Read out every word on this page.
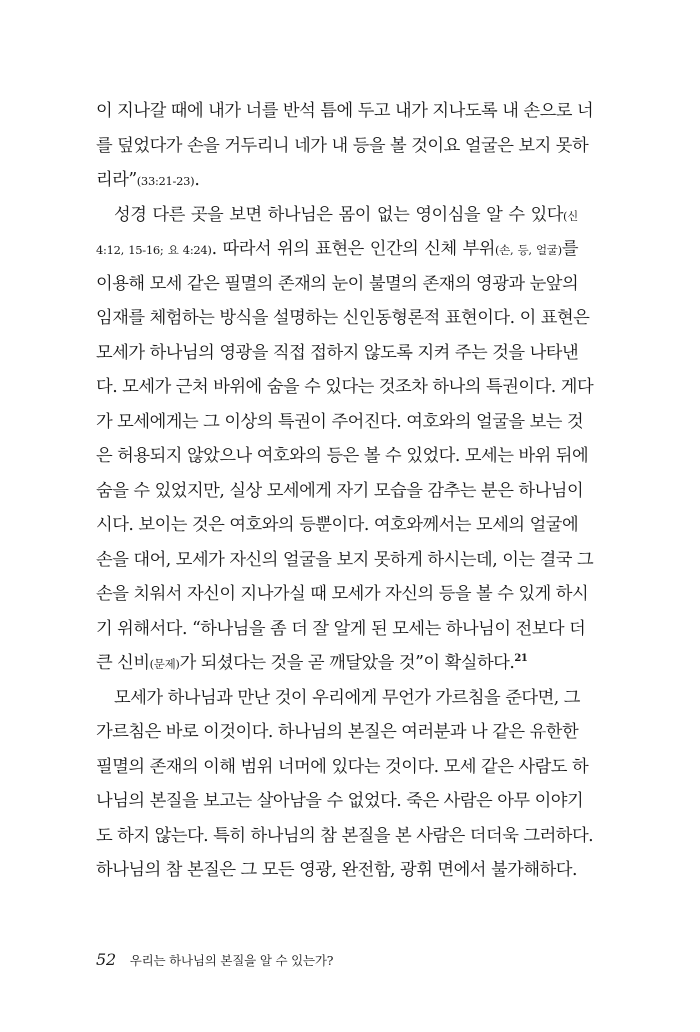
이 지나갈 때에 내가 너를 반석 틈에 두고 내가 지나도록 내 손으로 너
를 덮었다가 손을 거두리니 네가 내 등을 볼 것이요 얼굴은 보지 못하
리라”(33:21-23).
성경 다른 곳을 보면 하나님은 몸이 없는 영이심을 알 수 있다(신
4:12, 15-16; 요 4:24). 따라서 위의 표현은 인간의 신체 부위(손, 등, 얼굴)를
이용해 모세 같은 필멸의 존재의 눈이 불멸의 존재의 영광과 눈앞의
임재를 체험하는 방식을 설명하는 신인동형론적 표현이다. 이 표현은
모세가 하나님의 영광을 직접 접하지 않도록 지켜 주는 것을 나타낸
다. 모세가 근처 바위에 숨을 수 있다는 것조차 하나의 특권이다. 게다
가 모세에게는 그 이상의 특권이 주어진다. 여호와의 얼굴을 보는 것
은 허용되지 않았으나 여호와의 등은 볼 수 있었다. 모세는 바위 뒤에
숨을 수 있었지만, 실상 모세에게 자기 모습을 감추는 분은 하나님이
시다. 보이는 것은 여호와의 등뿐이다. 여호와께서는 모세의 얼굴에
손을 대어, 모세가 자신의 얼굴을 보지 못하게 하시는데, 이는 결국 그
손을 치워서 자신이 지나가실 때 모세가 자신의 등을 볼 수 있게 하시
기 위해서다. “하나님을 좀 더 잘 알게 된 모세는 하나님이 전보다 더
큰 신비(문제)가 되셨다는 것을 곧 깨달았을 것”이 확실하다.$^{21}$
모세가 하나님과 만난 것이 우리에게 무언가 가르침을 준다면, 그
가르침은 바로 이것이다. 하나님의 본질은 여러분과 나 같은 유한한
필멸의 존재의 이해 범위 너머에 있다는 것이다. 모세 같은 사람도 하
나님의 본질을 보고는 살아남을 수 없었다. 죽은 사람은 아무 이야기
도 하지 않는다. 특히 하나님의 참 본질을 본 사람은 더더욱 그러하다.
하나님의 참 본질은 그 모든 영광, 완전함, 광휘 면에서 불가해하다.
52 우리는 하나님의 본질을 알 수 있는가?
